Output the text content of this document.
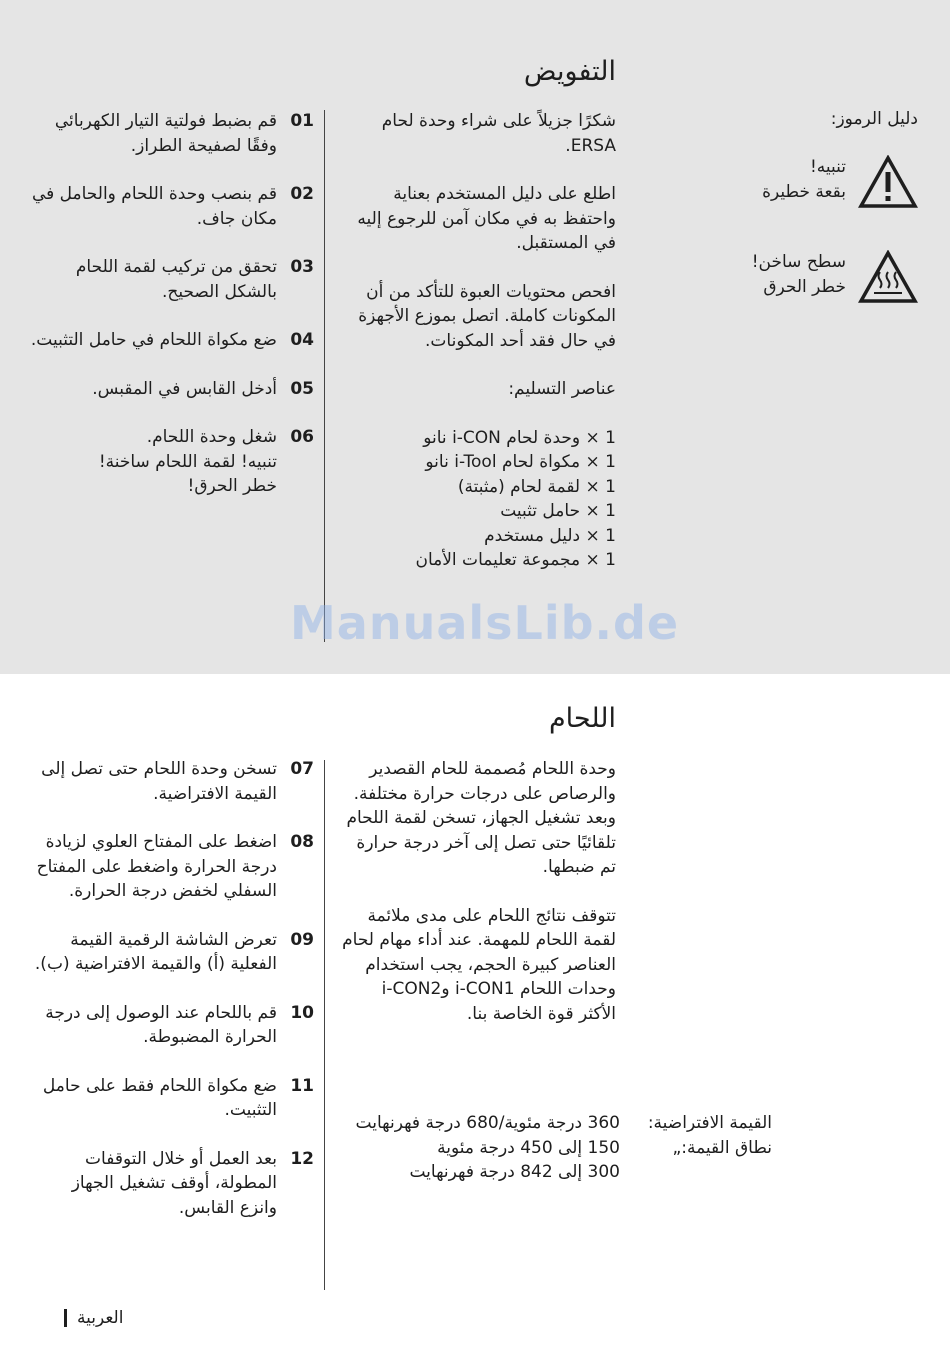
التفويض
دليل الرموز:
تنبيه!
بقعة خطيرة
سطح ساخن!
خطر الحرق

شكرًا جزيلاً على شراء وحدة لحام ERSA.

اطلع على دليل المستخدم بعناية واحتفظ به في مكان آمن للرجوع إليه في المستقبل.

افحص محتويات العبوة للتأكد من أن المكونات كاملة. اتصل بموزع الأجهزة في حال فقد أحد المكونات.

عناصر التسليم:

1 × وحدة لحام i-CON نانو
1 × مكواة لحام i-Tool نانو
1 × لقمة لحام (مثبتة)
1 × حامل تثبيت
1 × دليل مستخدم
1 × مجموعة تعليمات الأمان
01
قم بضبط فولتية التيار الكهربائي وفقًا لصفيحة الطراز.
02
قم بنصب وحدة اللحام والحامل في مكان جاف.
03
تحقق من تركيب لقمة اللحام بالشكل الصحيح.
04
ضع مكواة اللحام في حامل التثبيت.
05
أدخل القابس في المقبس.
06
شغل وحدة اللحام.
تنبيه! لقمة اللحام ساخنة!
خطر الحرق!
ManualsLib.de
اللحام

وحدة اللحام مُصممة للحام القصدير والرصاص على درجات حرارة مختلفة. وبعد تشغيل الجهاز، تسخن لقمة اللحام تلقائيًا حتى تصل إلى آخر درجة حرارة تم ضبطها.

تتوقف نتائج اللحام على مدى ملائمة لقمة اللحام للمهمة. عند أداء مهام لحام العناصر كبيرة الحجم، يجب استخدام وحدات اللحام i-CON1 وi-CON2 الأكثر قوة الخاصة بنا.

القيمة الافتراضية:
نطاق القيمة:„
360 درجة مئوية/680 درجة فهرنهايت
150 إلى 450 درجة مئوية
300 إلى 842 درجة فهرنهايت
07
تسخن وحدة اللحام حتى تصل إلى القيمة الافتراضية.
08
اضغط على المفتاح العلوي لزيادة درجة الحرارة واضغط على المفتاح السفلي لخفض درجة الحرارة.
09
تعرض الشاشة الرقمية القيمة الفعلية (أ) والقيمة الافتراضية (ب).
10
قم باللحام عند الوصول إلى درجة الحرارة المضبوطة.
11
ضع مكواة اللحام فقط على حامل التثبيت.
12
بعد العمل أو خلال التوقفات المطولة، أوقف تشغيل الجهاز وانزع القابس.
العربية
